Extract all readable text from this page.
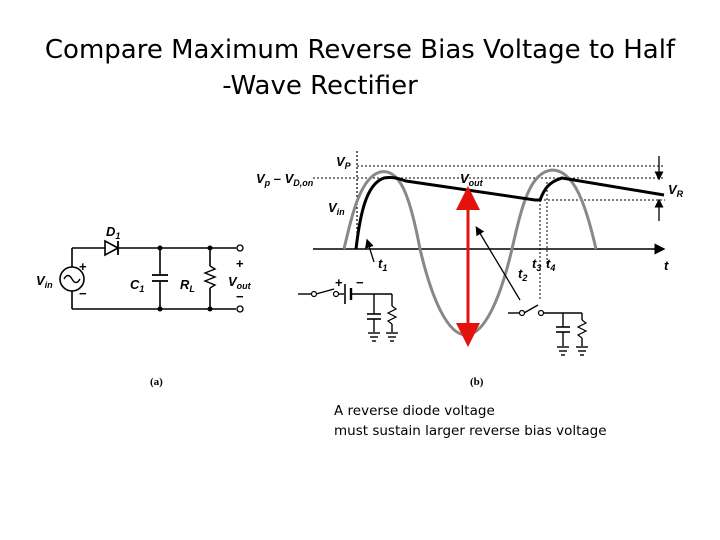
Compare Maximum Reverse Bias Voltage to Half
-Wave Rectifier
$D_1$
$C_1$	$R_L$
$V_{in}$	$V_{out}$
+
−
+
−
(a)
$V_P$
$V_p - V_{D,on}$
$V_{in}$
$V_{out}$	$V_R$
t
$t_1$	$t_2$
$t_3$ $t_4$
+ −
(b)
A reverse diode voltage
must sustain larger reverse bias voltage
